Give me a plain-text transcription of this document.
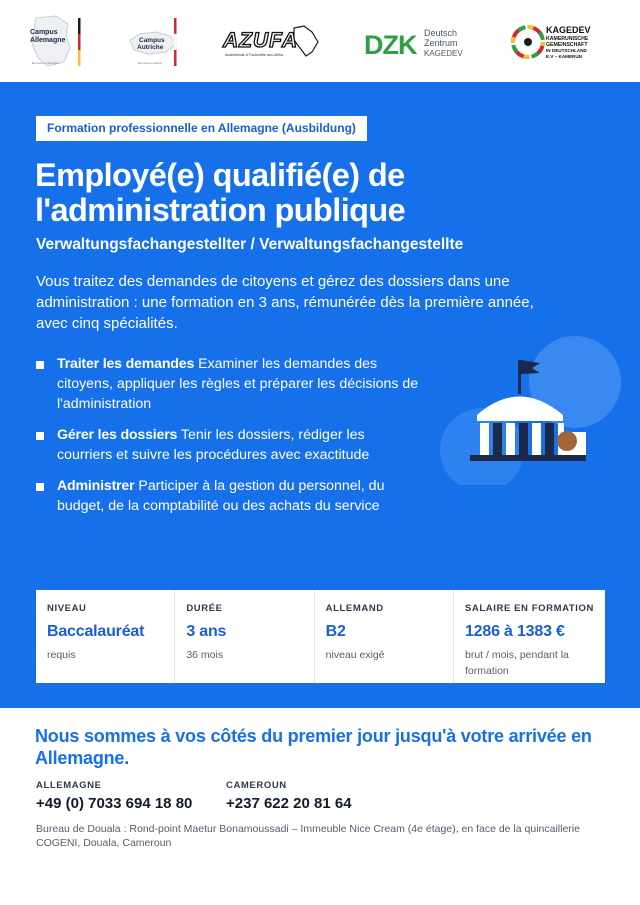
Campus
Allemagne
Bienvenue en Allemagne
Campus
Autriche
Bienvenue en Autriche
AZUFA
Ausbildende & Fachkräfte aus Afrika	DZK Deutsch
Zentrum
KAGEDEV
KAGEDEV
KAMERUNISCHE
GEMEINSCHAFT
IN DEUTSCHLAND
E.V – KAMERUN
Formation professionnelle en Allemagne (Ausbildung)
Employé(e) qualifié(e) de l'administration publique
Verwaltungsfachangestellter / Verwaltungsfachangestellte

Vous traitez des demandes de citoyens et gérez des dossiers dans une administration : une formation en 3 ans, rémunérée dès la première année, avec cinq spécialités.

Traiter les demandes Examiner les demandes des citoyens, appliquer les règles et préparer les décisions de l'administration
Gérer les dossiers Tenir les dossiers, rédiger les courriers et suivre les procédures avec exactitude
Administrer Participer à la gestion du personnel, du budget, de la comptabilité ou des achats du service
NIVEAU
Baccalauréat
requis
DURÉE
3 ans
36 mois
ALLEMAND
B2
niveau exigé
SALAIRE EN FORMATION
1286 à 1383 €
brut / mois, pendant la formation
Nous sommes à vos côtés du premier jour jusqu'à votre arrivée en Allemagne.
ALLEMAGNE
+49 (0) 7033 694 18 80
CAMEROUN
+237 622 20 81 64

Bureau de Douala : Rond-point Maetur Bonamoussadi – Immeuble Nice Cream (4e étage), en face de la quincaillerie COGENI, Douala, Cameroun
